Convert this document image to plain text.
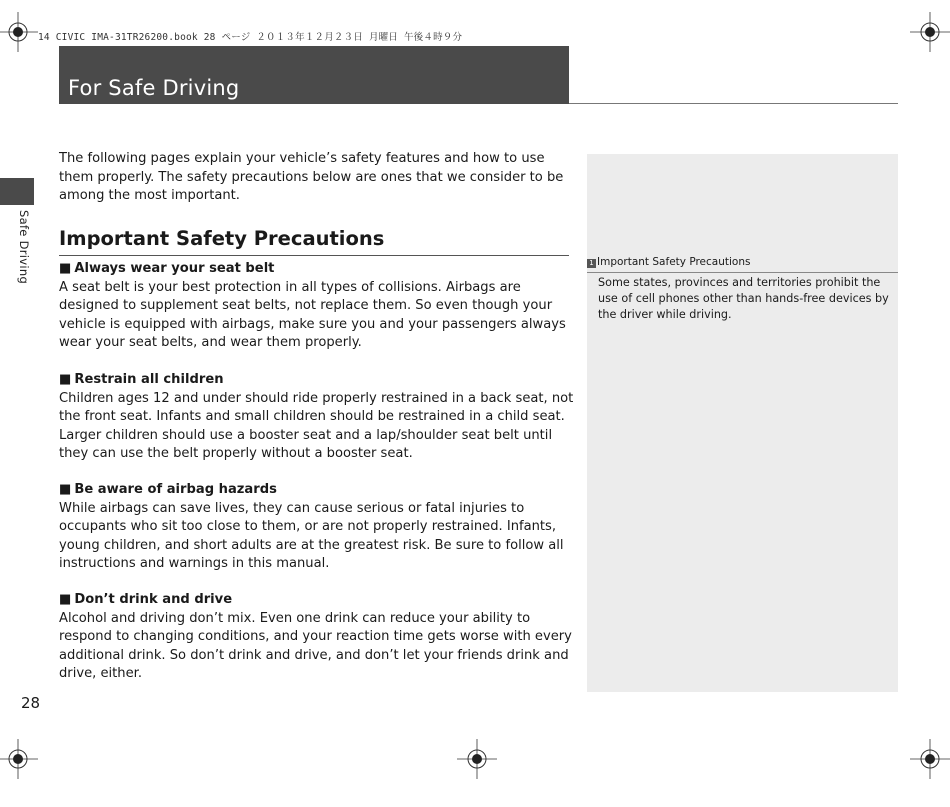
14 CIVIC IMA-31TR26200.book 28 ページ ２０１３年１２月２３日 月曜日 午後４時９分
For Safe Driving
Safe Driving

The following pages explain your vehicle’s safety features and how to use them properly. The safety precautions below are ones that we consider to be among the most important.

Important Safety Precautions
■ Always wear your seat belt

A seat belt is your best protection in all types of collisions. Airbags are designed to supplement seat belts, not replace them. So even though your vehicle is equipped with airbags, make sure you and your passengers always wear your seat belts, and wear them properly.

■ Restrain all children

Children ages 12 and under should ride properly restrained in a back seat, not the front seat. Infants and small children should be restrained in a child seat. Larger children should use a booster seat and a lap/shoulder seat belt until they can use the belt properly without a booster seat.

■ Be aware of airbag hazards

While airbags can save lives, they can cause serious or fatal injuries to occupants who sit too close to them, or are not properly restrained. Infants, young children, and short adults are at the greatest risk. Be sure to follow all instructions and warnings in this manual.

■ Don’t drink and drive

Alcohol and driving don’t mix. Even one drink can reduce your ability to respond to changing conditions, and your reaction time gets worse with every additional drink. So don’t drink and drive, and don’t let your friends drink and drive, either.

1 Important Safety Precautions

Some states, provinces and territories prohibit the use of cell phones other than hands-free devices by the driver while driving.

28
